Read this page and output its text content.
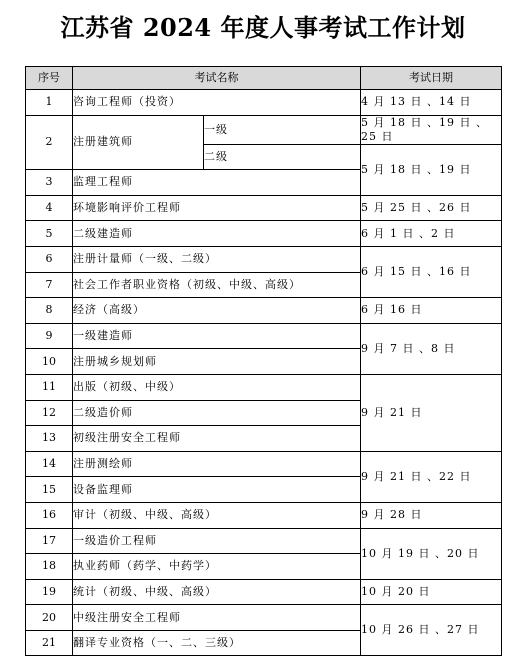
江苏省 2024 年度人事考试工作计划
序号	考试名称		考试日期
1	咨询工程师（投资）		4 月 13 日 、14 日
2	注册建筑师	一级	5 月 18 日 、19 日 、25 日
		二级	5 月 18 日 、19 日
3	监理工程师		
4	环境影响评价工程师		5 月 25 日 、26 日
5	二级建造师		6 月 1 日 、2 日
6	注册计量师（一级、二级）		6 月 15 日 、16 日
7	社会工作者职业资格（初级、中级、高级）		
8	经济（高级）		6 月 16 日
9	一级建造师		9 月 7 日 、8 日
10	注册城乡规划师		
11	出版（初级、中级）		9 月 21 日
12	二级造价师		
13	初级注册安全工程师		
14	注册测绘师		9 月 21 日 、22 日
15	设备监理师		
16	审计（初级、中级、高级）		9 月 28 日
17	一级造价工程师		10 月 19 日 、20 日
18	执业药师（药学、中药学）		
19	统计（初级、中级、高级）		10 月 20 日
20	中级注册安全工程师		10 月 26 日 、27 日
21	翻译专业资格（一、二、三级）		
